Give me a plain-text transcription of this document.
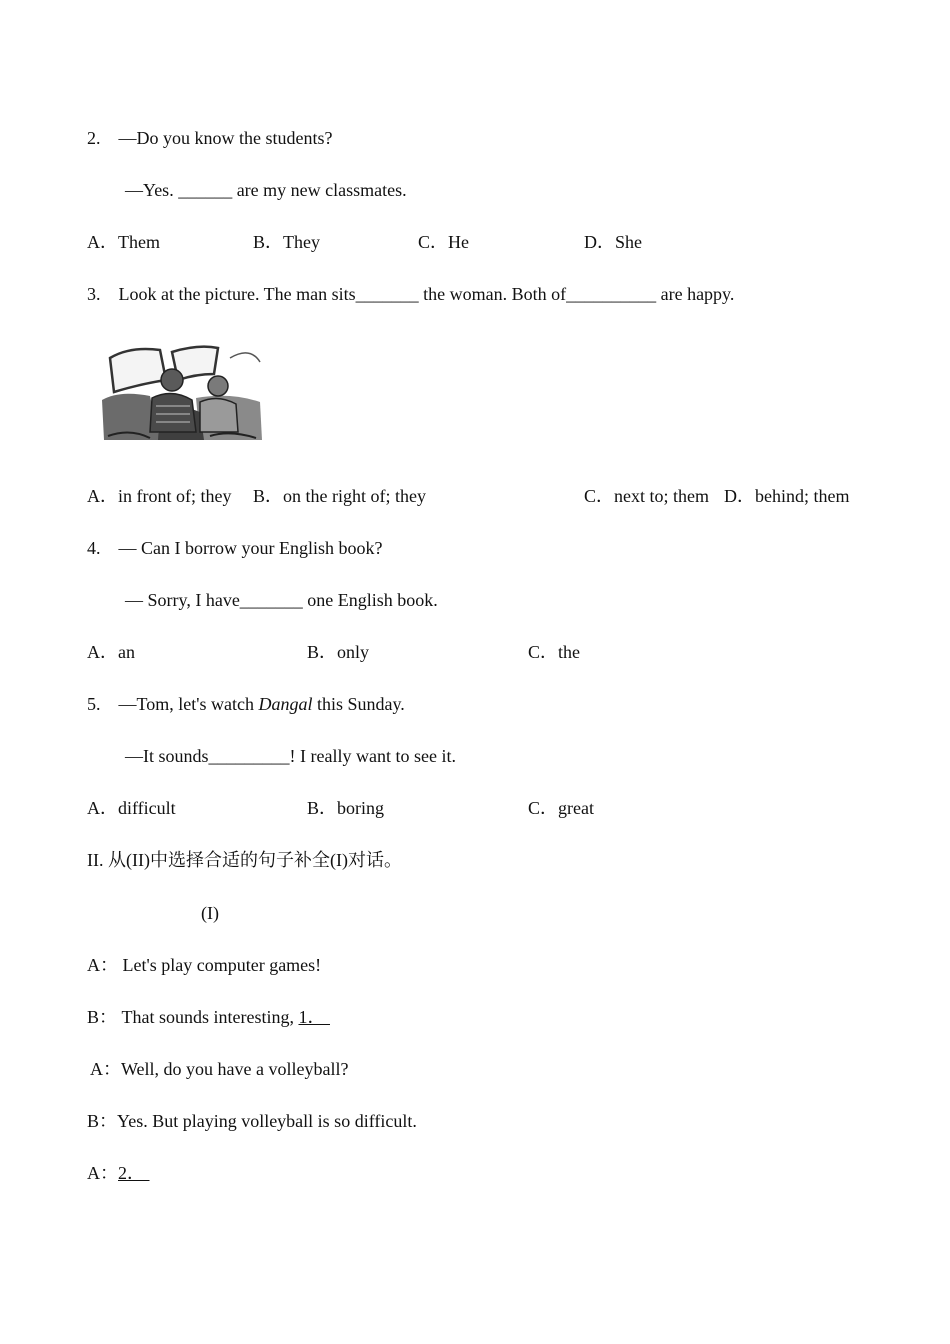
2.    —Do you know the students?
—Yes. ______ are my new classmates.
A．Them	B．They	C．He	D．She
3.    Look at the picture. The man sits_______ the woman. Both of__________ are happy.
A．in front of; they B．on the right of; they	C．next to; them D．behind; them
4.    — Can I borrow your English book?
— Sorry, I have_______ one English book.
A．an	B．only	C．the
5.    —Tom, let's watch Dangal this Sunday.
—It sounds_________! I really want to see it.
A．difficult	B．boring	C．great
II. 从(II)中选择合适的句子补全(I)对话。
(I)
A： Let's play computer games!
B： That sounds interesting, 1．
A：Well, do you have a volleyball?
B：Yes. But playing volleyball is so difficult.
A：2．
